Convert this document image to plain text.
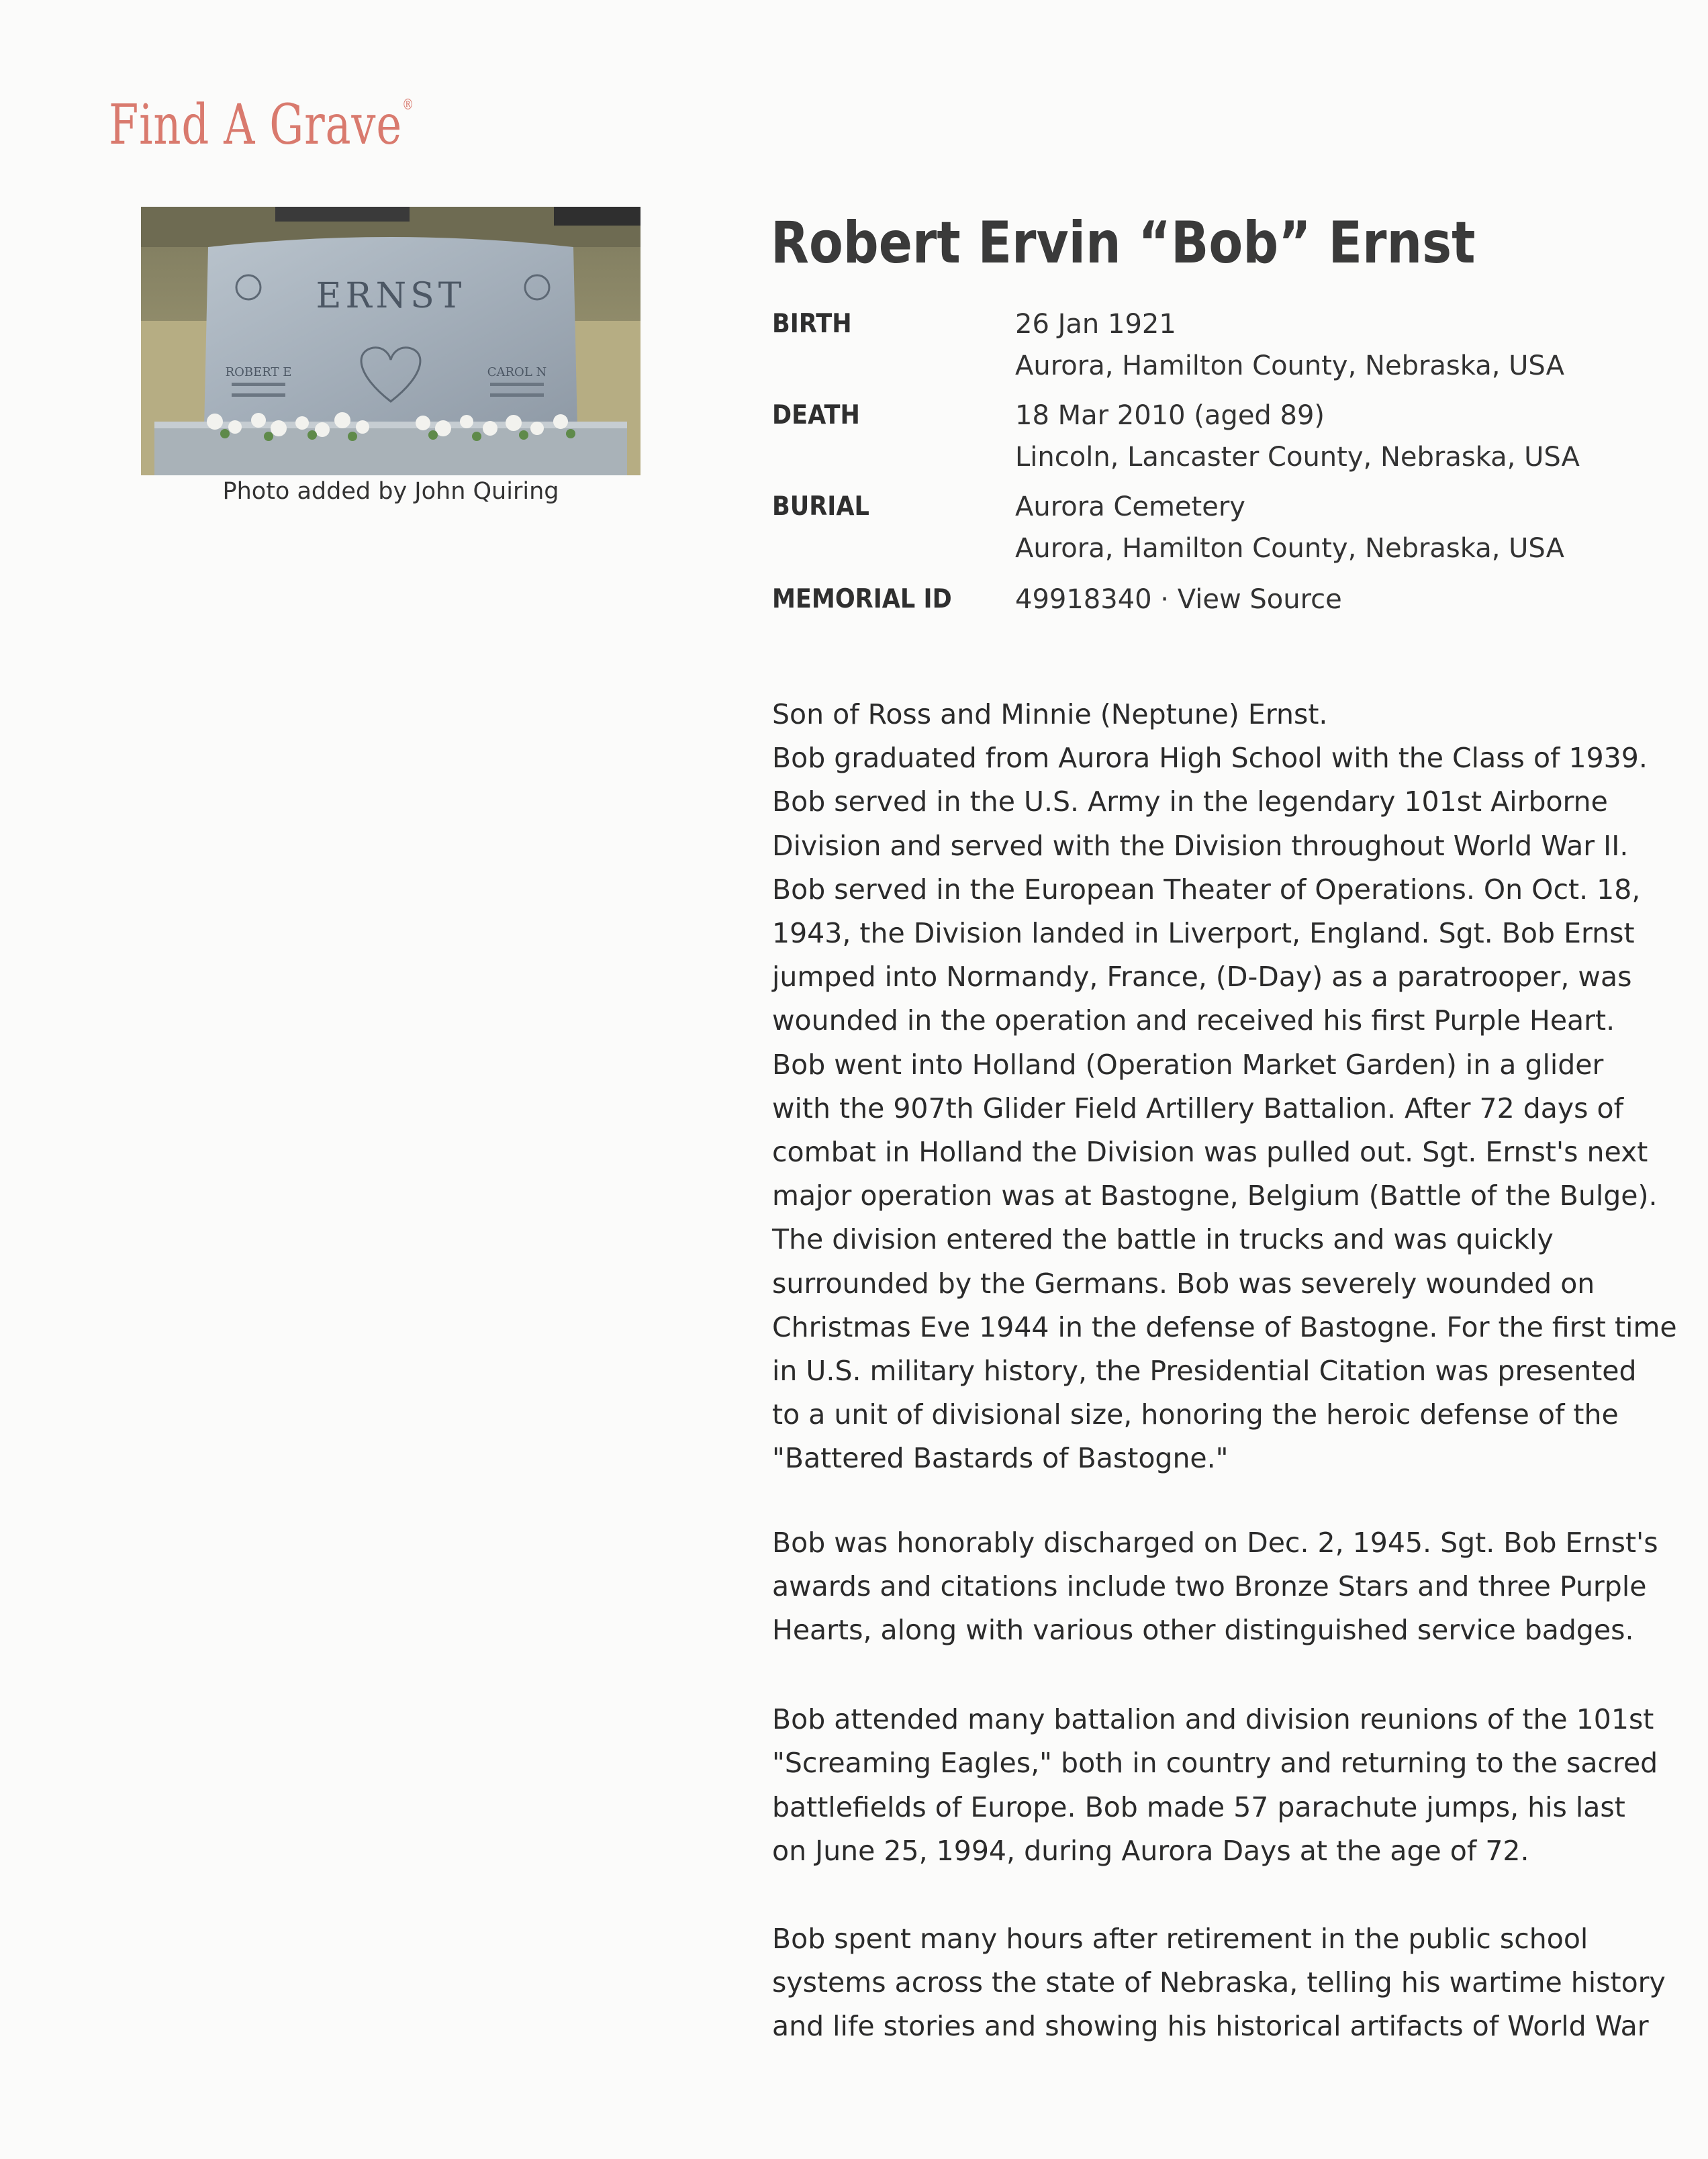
Find A Grave®
ERNST
ROBERT E	CAROL N
Photo added by John Quiring
Robert Ervin “Bob” Ernst
BIRTH	26 Jan 1921
Aurora, Hamilton County, Nebraska, USA
DEATH	18 Mar 2010 (aged 89)
Lincoln, Lancaster County, Nebraska, USA
BURIAL	Aurora Cemetery
Aurora, Hamilton County, Nebraska, USA
MEMORIAL ID 49918340 · View Source

Son of Ross and Minnie (Neptune) Ernst.

Bob graduated from Aurora High School with the Class of 1939.

Bob served in the U.S. Army in the legendary 101st Airborne

Division and served with the Division throughout World War II.

Bob served in the European Theater of Operations. On Oct. 18,

1943, the Division landed in Liverport, England. Sgt. Bob Ernst

jumped into Normandy, France, (D-Day) as a paratrooper, was

wounded in the operation and received his first Purple Heart.

Bob went into Holland (Operation Market Garden) in a glider

with the 907th Glider Field Artillery Battalion. After 72 days of

combat in Holland the Division was pulled out. Sgt. Ernst's next

major operation was at Bastogne, Belgium (Battle of the Bulge).

The division entered the battle in trucks and was quickly

surrounded by the Germans. Bob was severely wounded on

Christmas Eve 1944 in the defense of Bastogne. For the first time

in U.S. military history, the Presidential Citation was presented

to a unit of divisional size, honoring the heroic defense of the

"Battered Bastards of Bastogne."

Bob was honorably discharged on Dec. 2, 1945. Sgt. Bob Ernst's

awards and citations include two Bronze Stars and three Purple

Hearts, along with various other distinguished service badges.

Bob attended many battalion and division reunions of the 101st

"Screaming Eagles," both in country and returning to the sacred

battlefields of Europe. Bob made 57 parachute jumps, his last

on June 25, 1994, during Aurora Days at the age of 72.

Bob spent many hours after retirement in the public school

systems across the state of Nebraska, telling his wartime history

and life stories and showing his historical artifacts of World War
